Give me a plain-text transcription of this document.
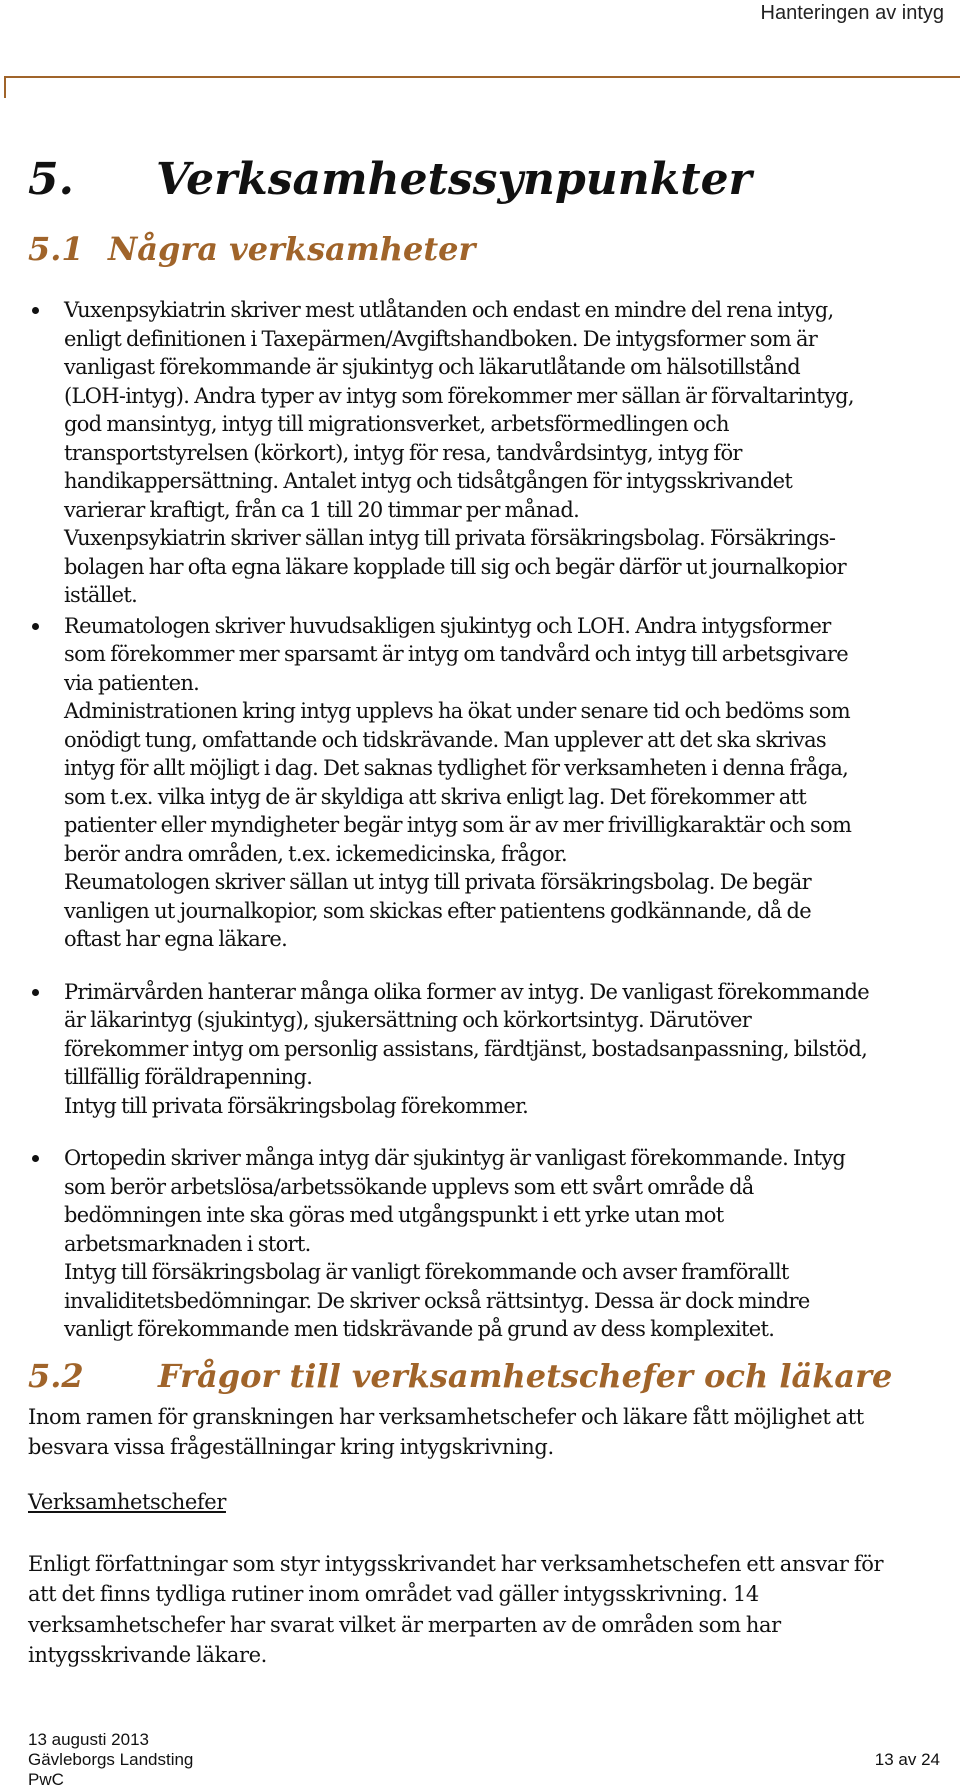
Hanteringen av intyg
5. Verksamhetssynpunkter
5.1 Några verksamheter

Vuxenpsykiatrin skriver mest utlåtanden och endast en mindre del rena intyg,
enligt definitionen i Taxepärmen/Avgiftshandboken. De intygsformer som är
vanligast förekommande är sjukintyg och läkarutlåtande om hälsotillstånd
(LOH-intyg). Andra typer av intyg som förekommer mer sällan är förvaltarintyg,
god mansintyg, intyg till migrationsverket, arbetsförmedlingen och
transportstyrelsen (körkort), intyg för resa, tandvårdsintyg, intyg för
handikappersättning. Antalet intyg och tidsåtgången för intygsskrivandet
varierar kraftigt, från ca 1 till 20 timmar per månad.
Vuxenpsykiatrin skriver sällan intyg till privata försäkringsbolag. Försäkrings-
bolagen har ofta egna läkare kopplade till sig och begär därför ut journalkopior
istället.

Reumatologen skriver huvudsakligen sjukintyg och LOH. Andra intygsformer
som förekommer mer sparsamt är intyg om tandvård och intyg till arbetsgivare
via patienten.

Administrationen kring intyg upplevs ha ökat under senare tid och bedöms som
onödigt tung, omfattande och tidskrävande. Man upplever att det ska skrivas
intyg för allt möjligt i dag. Det saknas tydlighet för verksamheten i denna fråga,
som t.ex. vilka intyg de är skyldiga att skriva enligt lag. Det förekommer att
patienter eller myndigheter begär intyg som är av mer frivilligkaraktär och som
berör andra områden, t.ex. ickemedicinska, frågor.

Reumatologen skriver sällan ut intyg till privata försäkringsbolag. De begär
vanligen ut journalkopior, som skickas efter patientens godkännande, då de
oftast har egna läkare.

Primärvården hanterar många olika former av intyg. De vanligast förekommande
är läkarintyg (sjukintyg), sjukersättning och körkortsintyg. Därutöver
förekommer intyg om personlig assistans, färdtjänst, bostadsanpassning, bilstöd,
tillfällig föräldrapenning.

Intyg till privata försäkringsbolag förekommer.

Ortopedin skriver många intyg där sjukintyg är vanligast förekommande. Intyg
som berör arbetslösa/arbetssökande upplevs som ett svårt område då
bedömningen inte ska göras med utgångspunkt i ett yrke utan mot
arbetsmarknaden i stort.

Intyg till försäkringsbolag är vanligt förekommande och avser framförallt
invaliditetsbedömningar. De skriver också rättsintyg. Dessa är dock mindre
vanligt förekommande men tidskrävande på grund av dess komplexitet.

5.2 Frågor till verksamhetschefer och läkare

Inom ramen för granskningen har verksamhetschefer och läkare fått möjlighet att
besvara vissa frågeställningar kring intygskrivning.

Verksamhetschefer

Enligt författningar som styr intygsskrivandet har verksamhetschefen ett ansvar för
att det finns tydliga rutiner inom området vad gäller intygsskrivning. 14
verksamhetschefer har svarat vilket är merparten av de områden som har
intygsskrivande läkare.

13 augusti 2013
Gävleborgs Landsting
PwC
13 av 24
